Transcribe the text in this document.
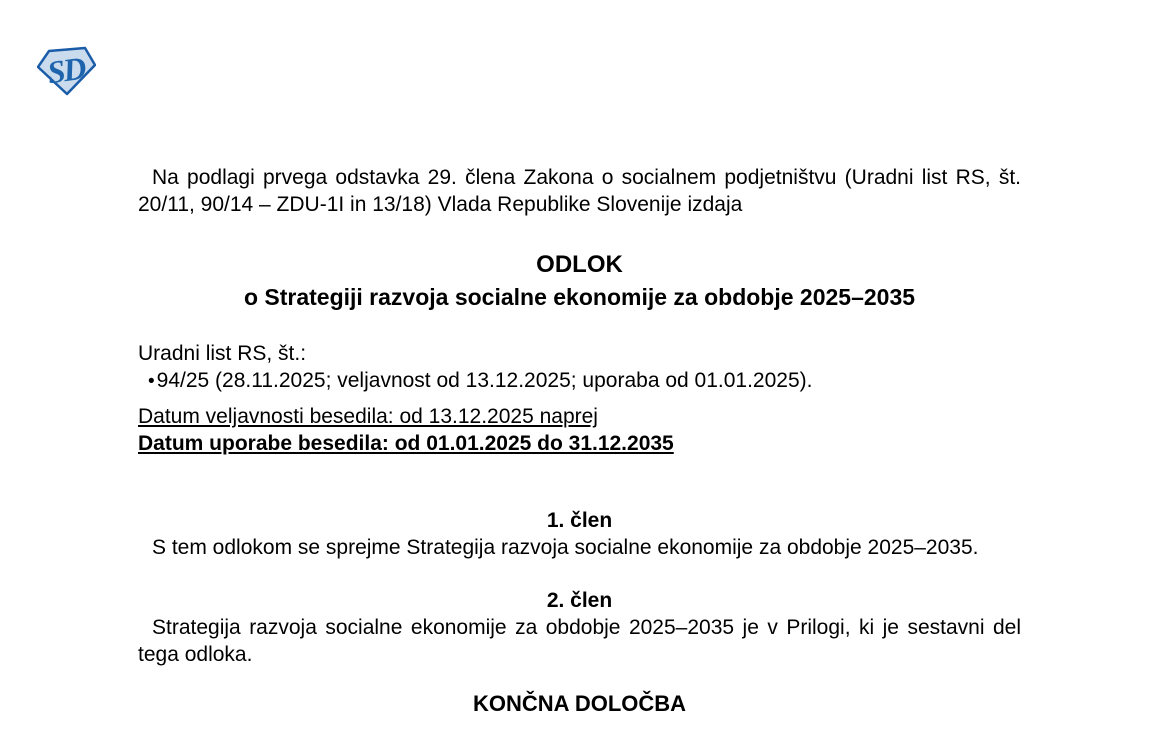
SD

Na podlagi prvega odstavka 29. člena Zakona o socialnem podjetništvu (Uradni list RS, št. 20/11, 90/14 – ZDU-1I in 13/18) Vlada Republike Slovenije izdaja

ODLOK
o Strategiji razvoja socialne ekonomije za obdobje 2025–2035
Uradni list RS, št.:
•94/25 (28.11.2025; veljavnost od 13.12.2025; uporaba od 01.01.2025).
Datum veljavnosti besedila: od 13.12.2025 naprej
Datum uporabe besedila: od 01.01.2025 do 31.12.2035
1. člen

S tem odlokom se sprejme Strategija razvoja socialne ekonomije za obdobje 2025–2035.

2. člen

Strategija razvoja socialne ekonomije za obdobje 2025–2035 je v Prilogi, ki je sestavni del tega odloka.

KONČNA DOLOČBA
